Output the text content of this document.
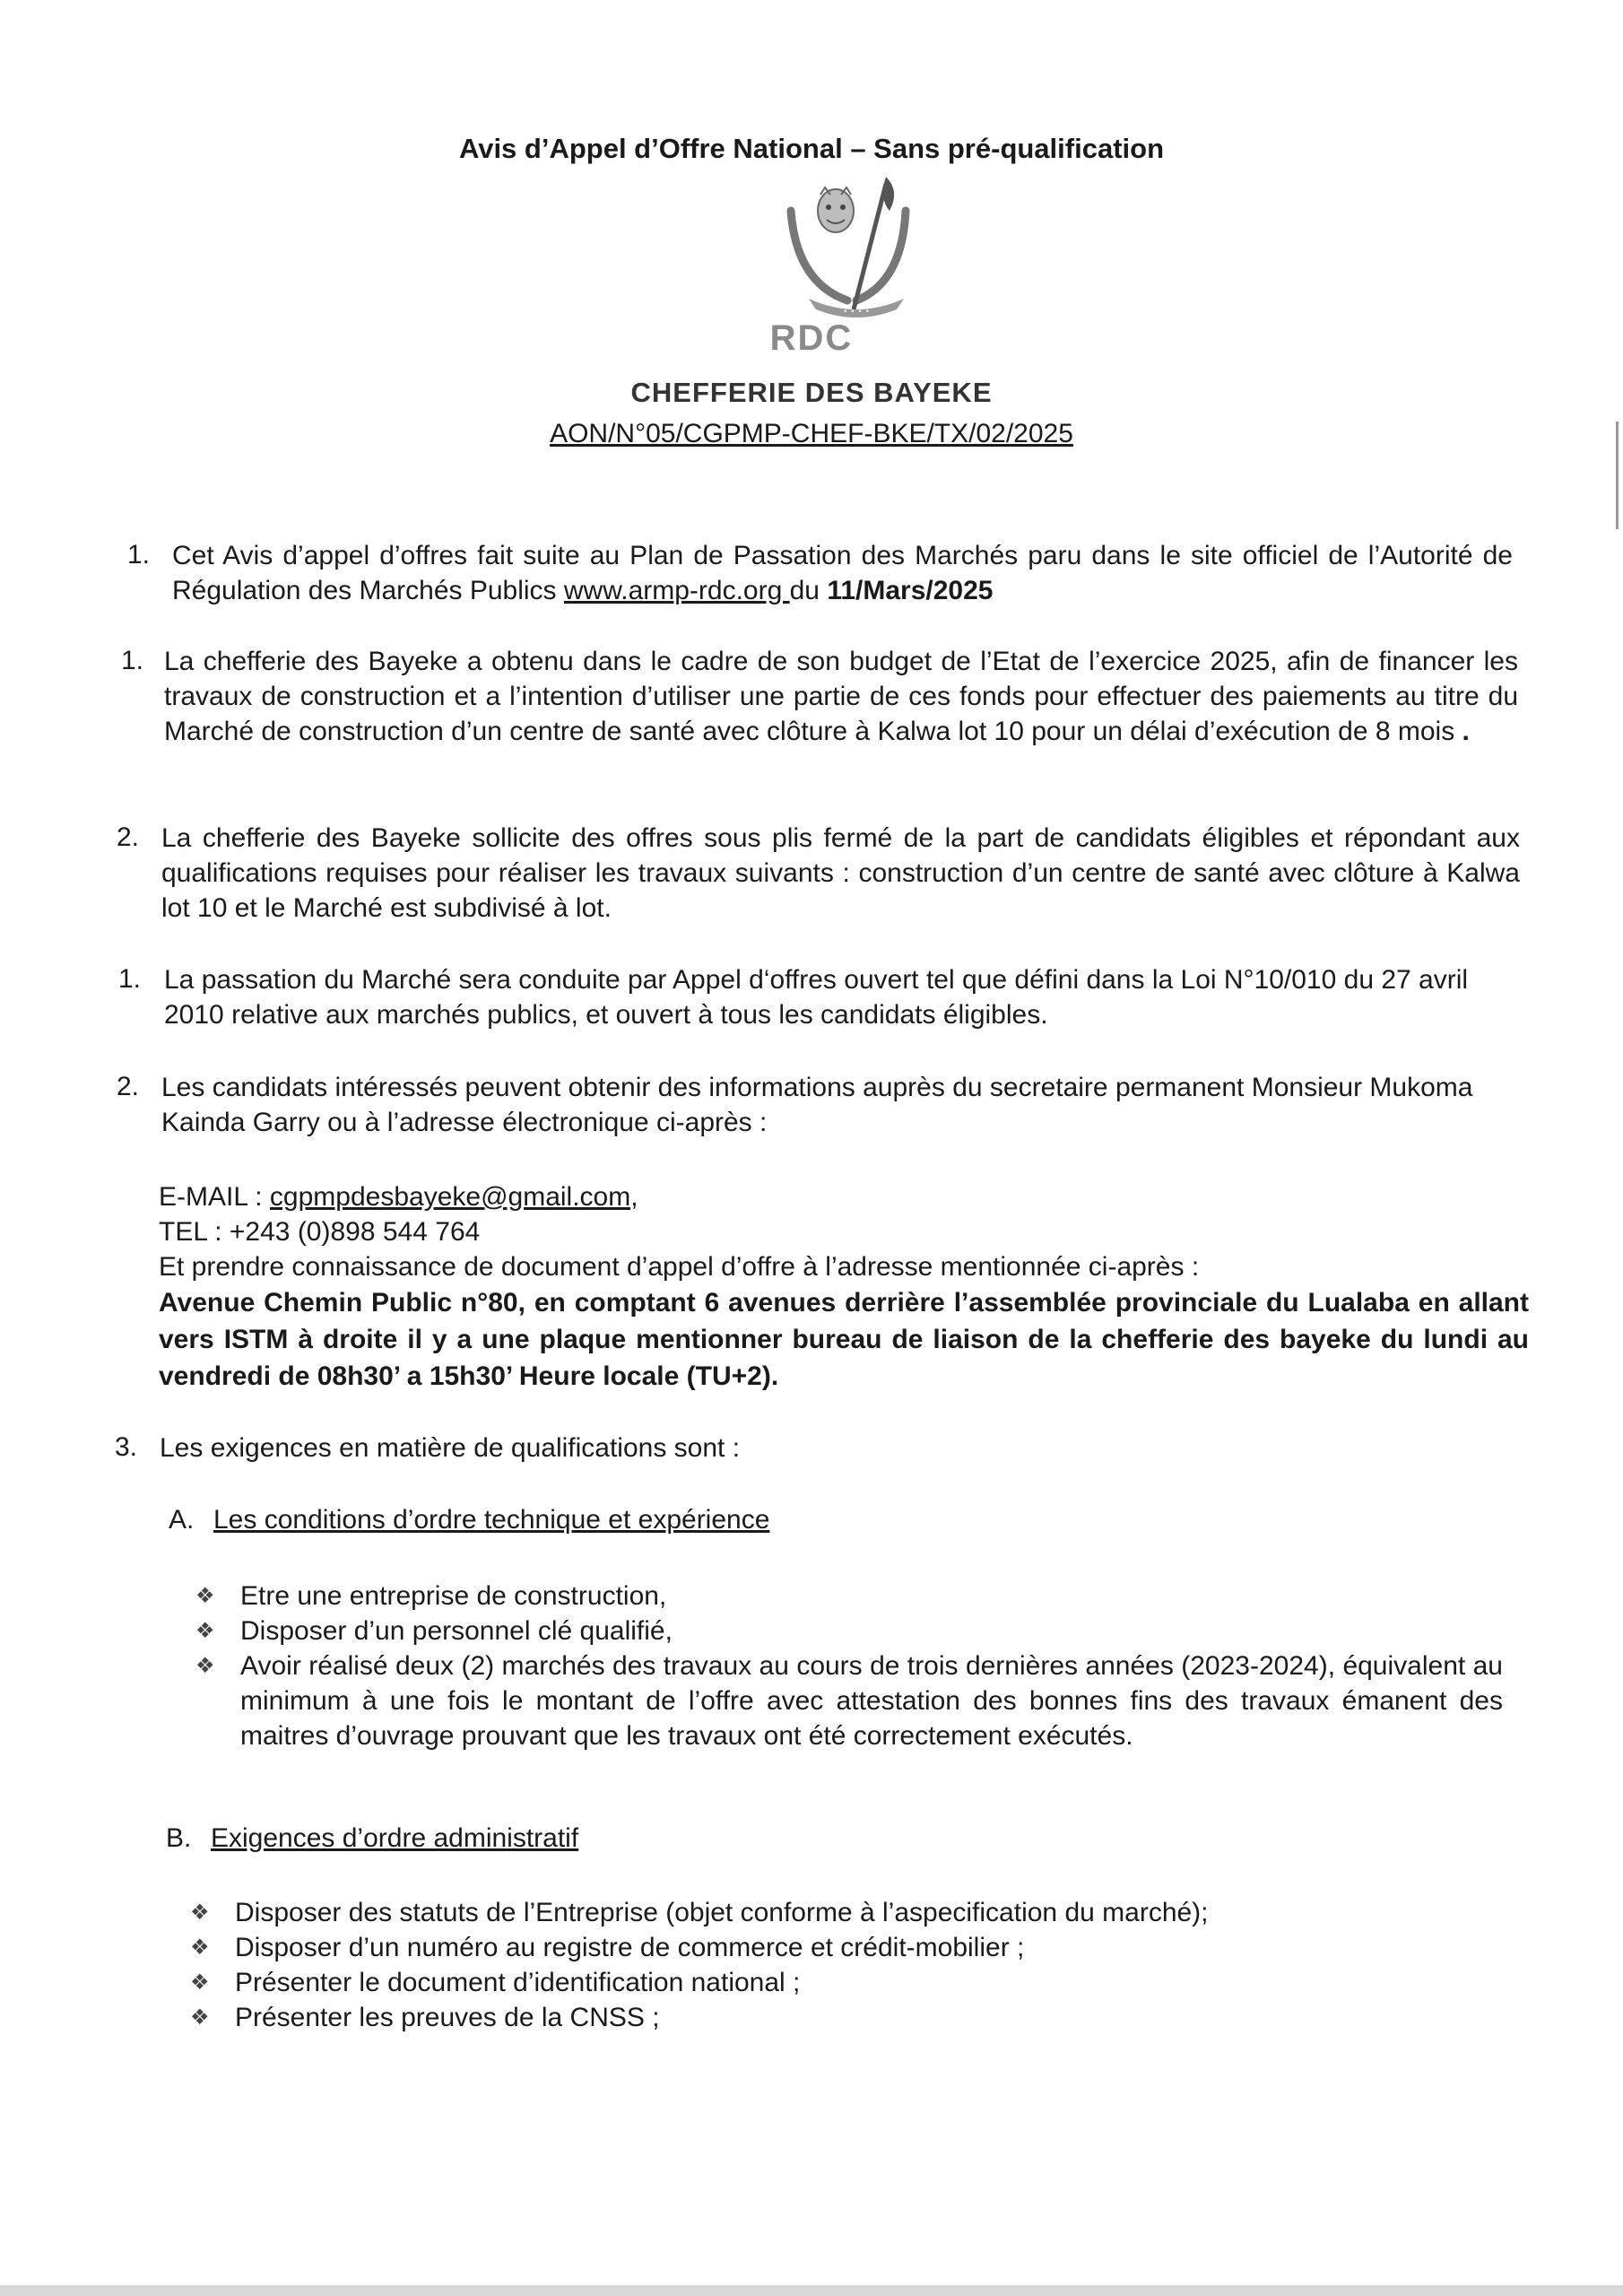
Avis d’Appel d’Offre National – Sans pré-qualification
• • • •
RDC
CHEFFERIE DES BAYEKE
AON/N°05/CGPMP-CHEF-BKE/TX/02/2025
1. Cet Avis d’appel d’offres fait suite au Plan de Passation des Marchés paru dans le site officiel de l’Autorité de Régulation des Marchés Publics www.armp-rdc.org du 11/Mars/2025
1. La chefferie des Bayeke a obtenu dans le cadre de son budget de l’Etat de l’exercice 2025, afin de financer les travaux de construction et a l’intention d’utiliser une partie de ces fonds pour effectuer des paiements au titre du Marché de construction d’un centre de santé avec clôture à Kalwa lot 10 pour un délai d’exécution de 8 mois .
2. La chefferie des Bayeke sollicite des offres sous plis fermé de la part de candidats éligibles et répondant aux qualifications requises pour réaliser les travaux suivants : construction d’un centre de santé avec clôture à Kalwa lot 10 et le Marché est subdivisé à lot.
1. La passation du Marché sera conduite par Appel d‘offres ouvert tel que défini dans la Loi N°10/010 du 27 avril 2010 relative aux marchés publics, et ouvert à tous les candidats éligibles.
2. Les candidats intéressés peuvent obtenir des informations auprès du secretaire permanent Monsieur Mukoma Kainda Garry ou à l’adresse électronique ci-après :
E-MAIL : cgpmpdesbayeke@gmail.com,
TEL : +243 (0)898 544 764
Et prendre connaissance de document d’appel d’offre à l’adresse mentionnée ci-après :
Avenue Chemin Public n°80, en comptant 6 avenues derrière l’assemblée provinciale du Lualaba en allant vers ISTM à droite il y a une plaque mentionner bureau de liaison de la chefferie des bayeke du lundi au vendredi de 08h30’ a 15h30’ Heure locale (TU+2).
3. Les exigences en matière de qualifications sont :
A. Les conditions d’ordre technique et expérience
❖ Etre une entreprise de construction,
❖ Disposer d’un personnel clé qualifié,
❖ Avoir réalisé deux (2) marchés des travaux au cours de trois dernières années (2023-2024), équivalent au minimum à une fois le montant de l’offre avec attestation des bonnes fins des travaux émanent des maitres d’ouvrage prouvant que les travaux ont été correctement exécutés.
B. Exigences d’ordre administratif
❖ Disposer des statuts de l’Entreprise (objet conforme à l’aspecification du marché);
❖ Disposer d’un numéro au registre de commerce et crédit-mobilier ;
❖ Présenter le document d’identification national ;
❖ Présenter les preuves de la CNSS ;
